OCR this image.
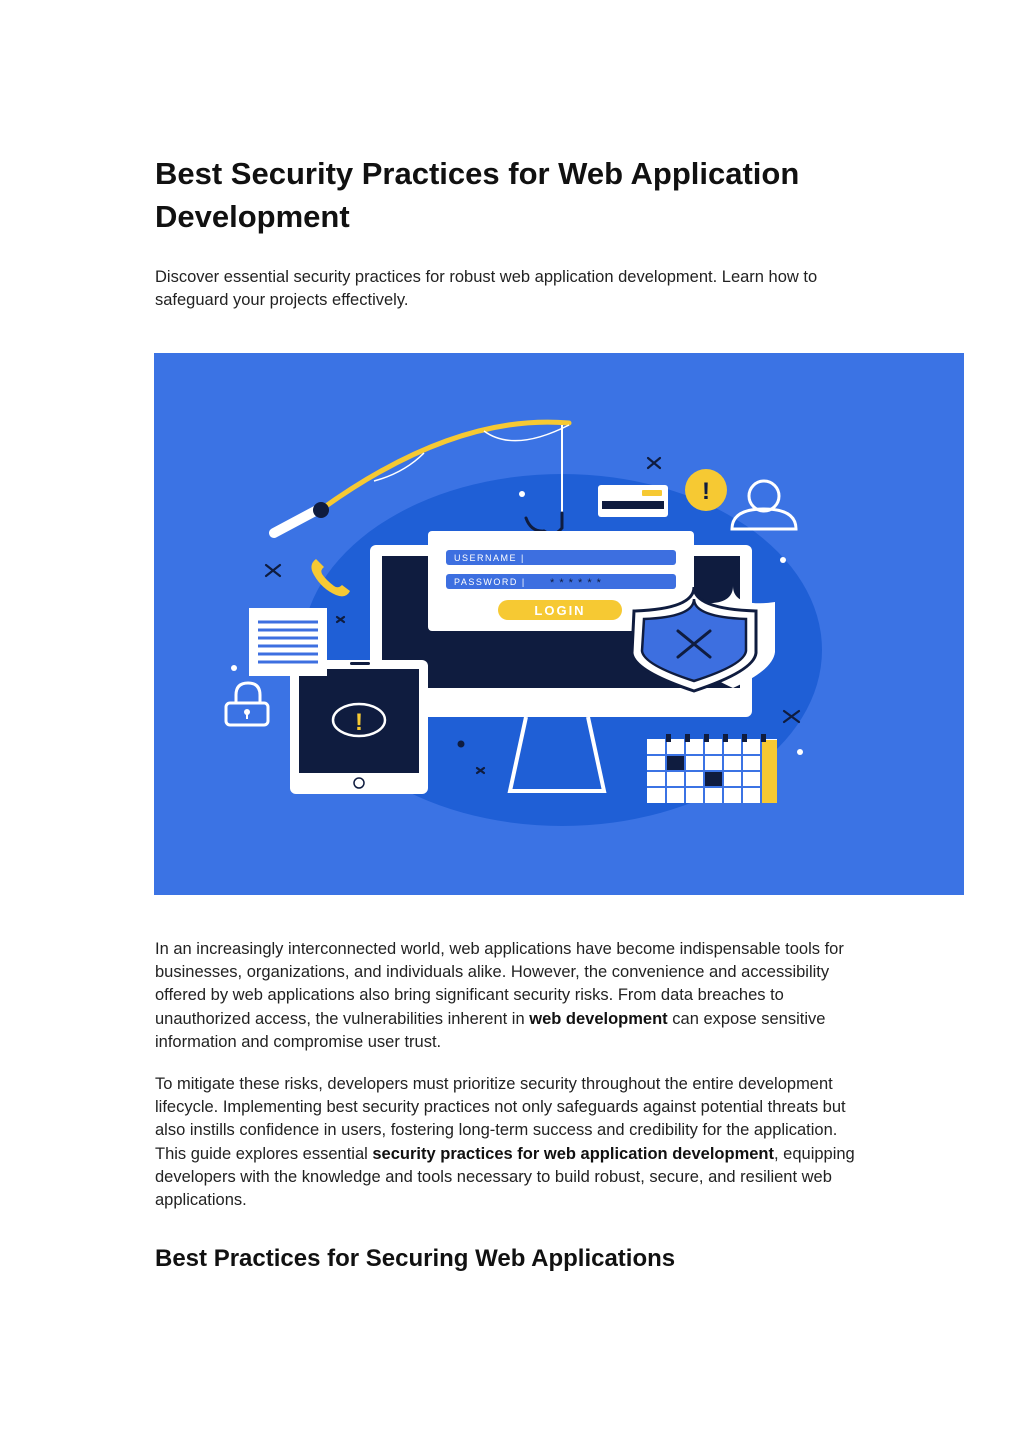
Best Security Practices for Web Application Development

Discover essential security practices for robust web application development. Learn how to safeguard your projects effectively.

USERNAME |
PASSWORD | * * * * * *
LOGIN
!
!

In an increasingly interconnected world, web applications have become indispensable tools for businesses, organizations, and individuals alike. However, the convenience and accessibility offered by web applications also bring significant security risks. From data breaches to unauthorized access, the vulnerabilities inherent in web development can expose sensitive information and compromise user trust.

To mitigate these risks, developers must prioritize security throughout the entire development lifecycle. Implementing best security practices not only safeguards against potential threats but also instills confidence in users, fostering long-term success and credibility for the application. This guide explores essential security practices for web application development, equipping developers with the knowledge and tools necessary to build robust, secure, and resilient web applications.

Best Practices for Securing Web Applications
